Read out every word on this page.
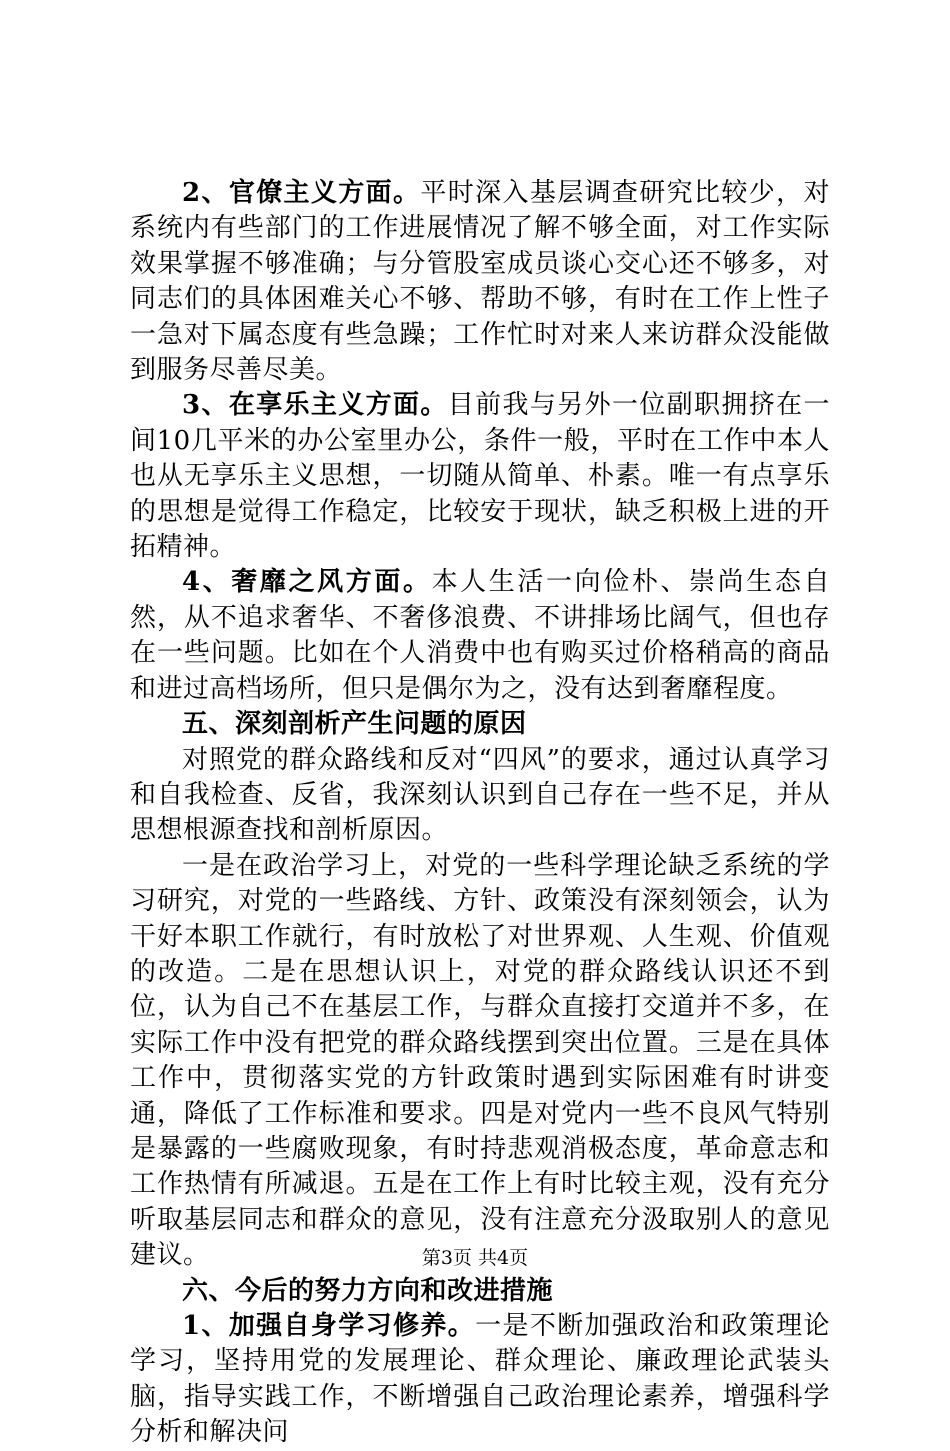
2、官僚主义方面。平时深入基层调查研究比较少，对系统内有些部门的工作进展情况了解不够全面，对工作实际效果掌握不够准确；与分管股室成员谈心交心还不够多，对同志们的具体困难关心不够、帮助不够，有时在工作上性子一急对下属态度有些急躁；工作忙时对来人来访群众没能做到服务尽善尽美。

3、在享乐主义方面。目前我与另外一位副职拥挤在一间10几平米的办公室里办公，条件一般，平时在工作中本人也从无享乐主义思想，一切随从简单、朴素。唯一有点享乐的思想是觉得工作稳定，比较安于现状，缺乏积极上进的开拓精神。

4、奢靡之风方面。本人生活一向俭朴、崇尚生态自然，从不追求奢华、不奢侈浪费、不讲排场比阔气，但也存在一些问题。比如在个人消费中也有购买过价格稍高的商品和进过高档场所，但只是偶尔为之，没有达到奢靡程度。

五、深刻剖析产生问题的原因

对照党的群众路线和反对“四风”的要求，通过认真学习和自我检查、反省，我深刻认识到自己存在一些不足，并从思想根源查找和剖析原因。

一是在政治学习上，对党的一些科学理论缺乏系统的学习研究，对党的一些路线、方针、政策没有深刻领会，认为干好本职工作就行，有时放松了对世界观、人生观、价值观的改造。二是在思想认识上，对党的群众路线认识还不到位，认为自己不在基层工作，与群众直接打交道并不多，在实际工作中没有把党的群众路线摆到突出位置。三是在具体工作中，贯彻落实党的方针政策时遇到实际困难有时讲变通，降低了工作标准和要求。四是对党内一些不良风气特别是暴露的一些腐败现象，有时持悲观消极态度，革命意志和工作热情有所减退。五是在工作上有时比较主观，没有充分听取基层同志和群众的意见，没有注意充分汲取别人的意见建议。

六、今后的努力方向和改进措施

1、加强自身学习修养。一是不断加强政治和政策理论学习，坚持用党的发展理论、群众理论、廉政理论武装头脑，指导实践工作，不断增强自己政治理论素养，增强科学分析和解决问

第3页 共4页
